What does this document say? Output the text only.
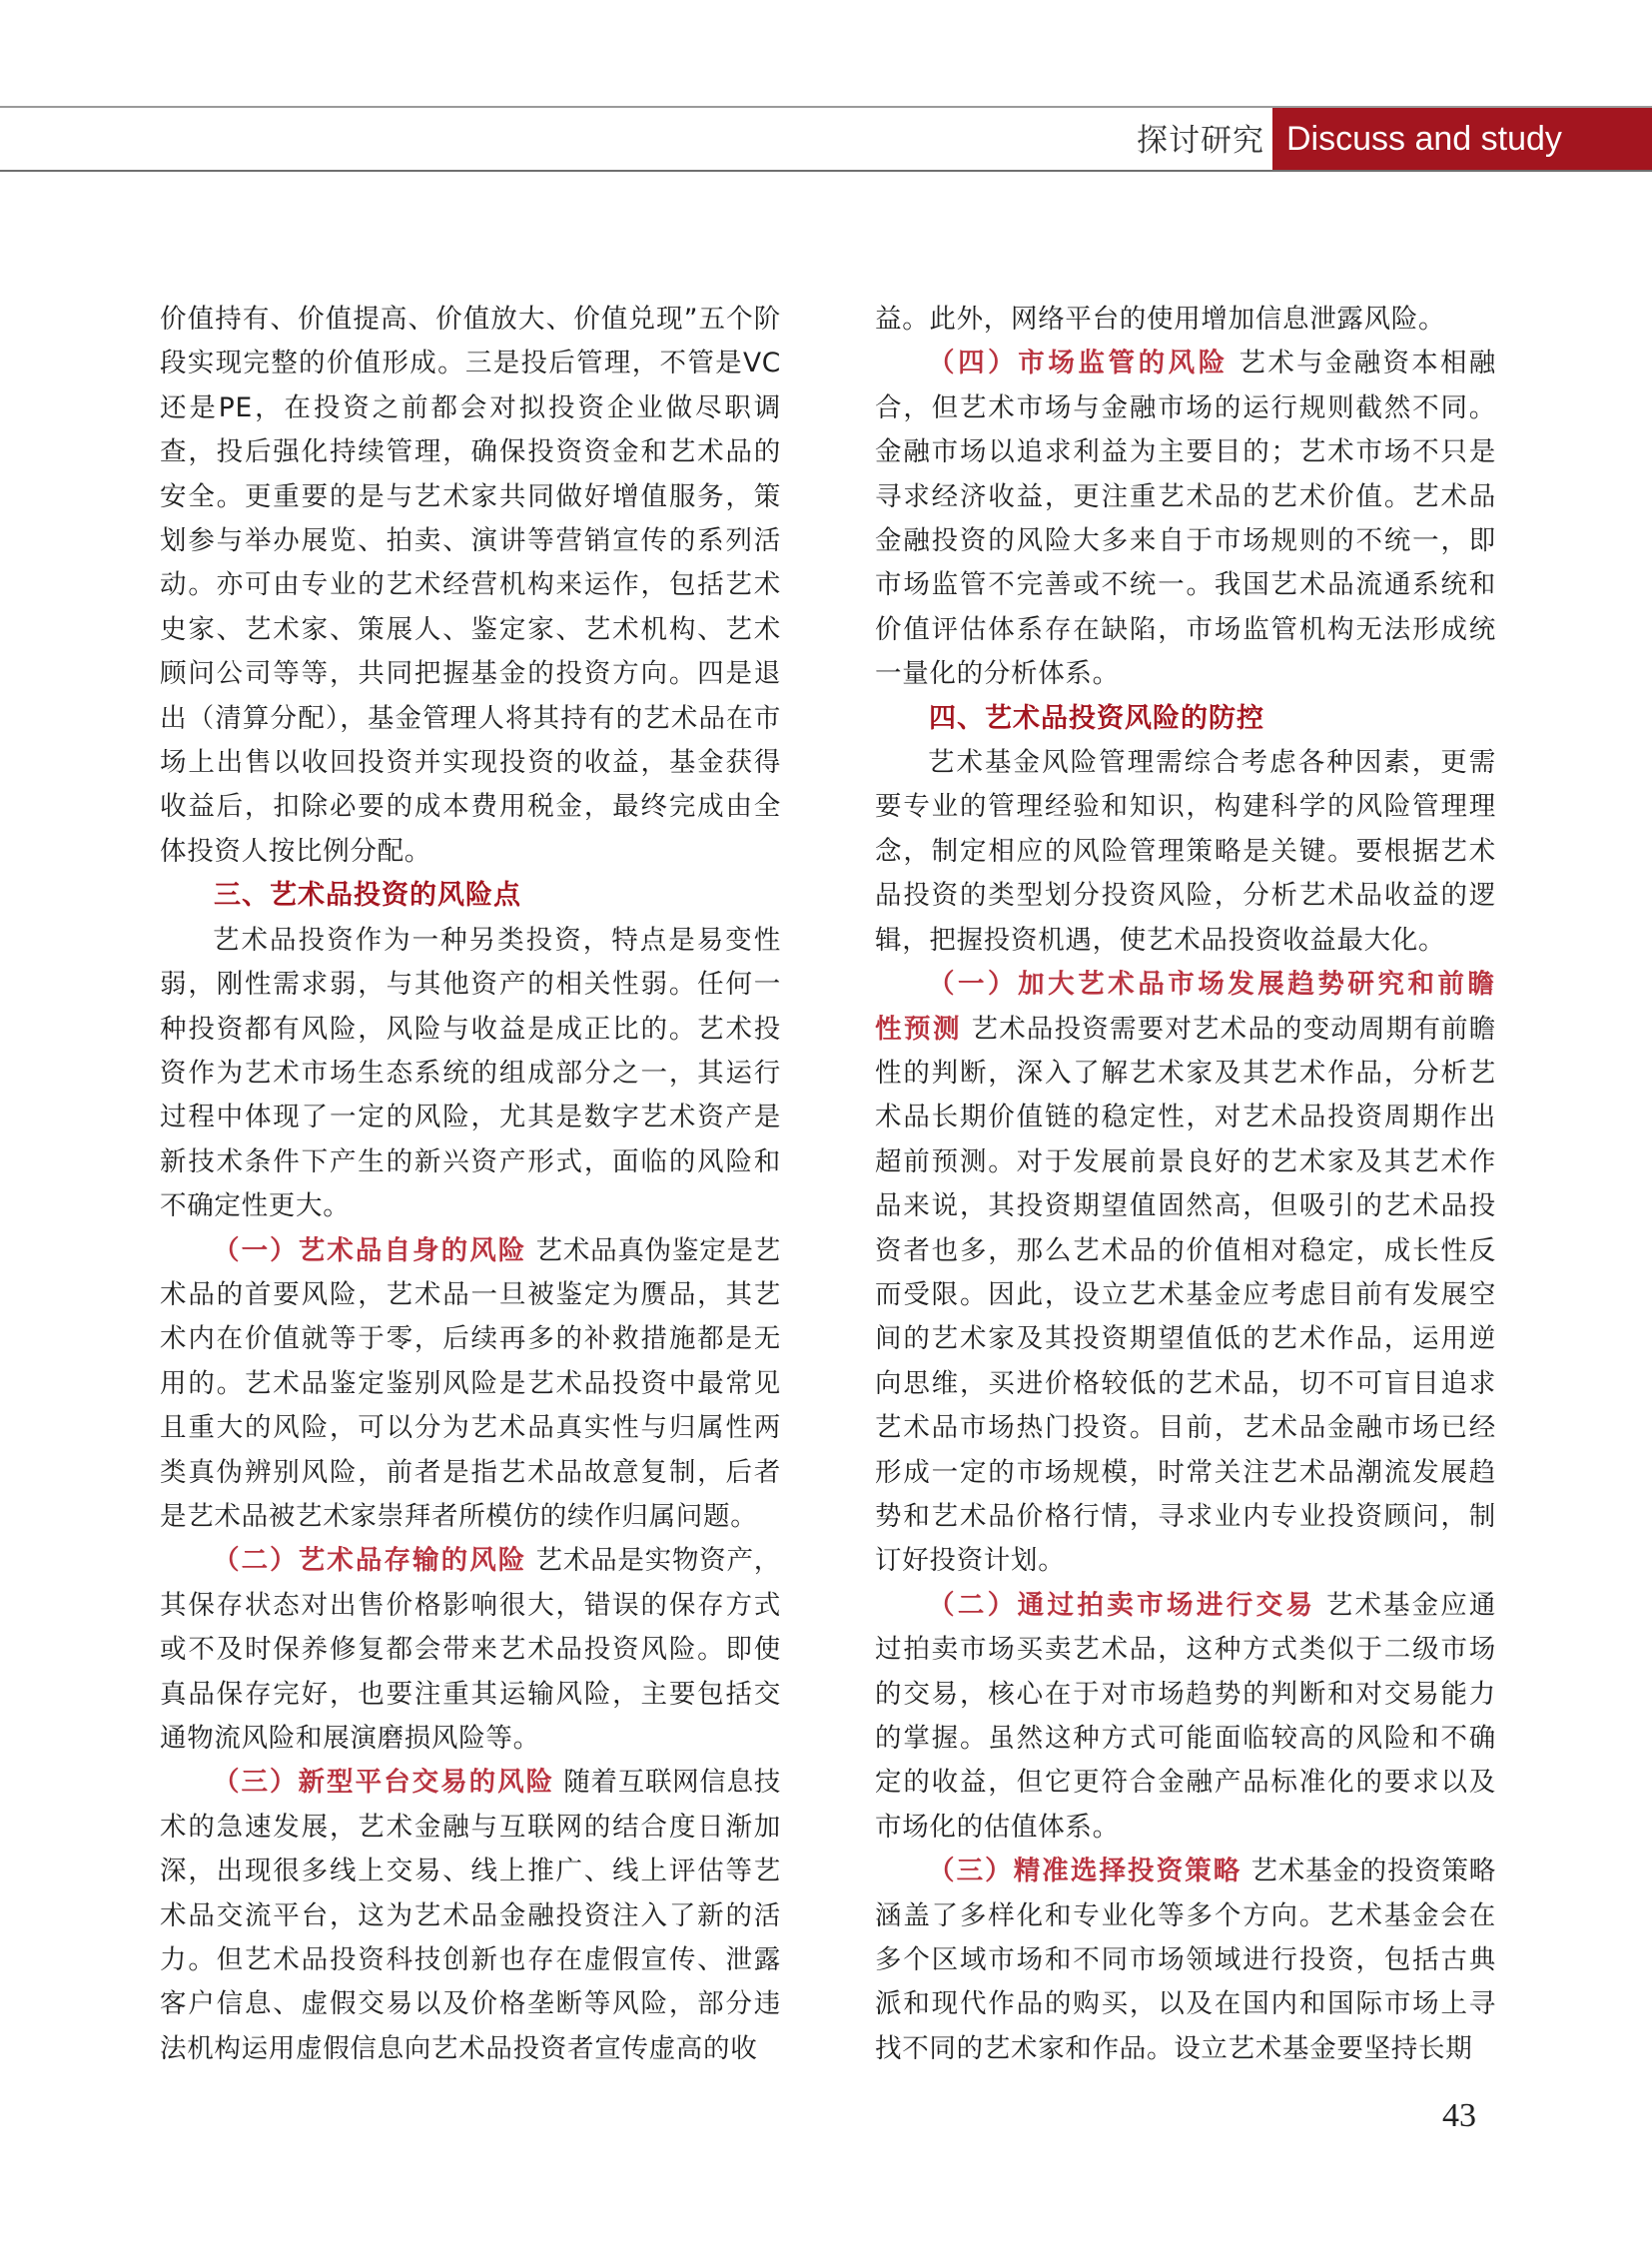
探讨研究 Discuss and study

价值持有、价值提高、价值放大、价值兑现”五个阶段实现完整的价值形成。三是投后管理，不管是VC还是PE，在投资之前都会对拟投资企业做尽职调查，投后强化持续管理，确保投资资金和艺术品的安全。更重要的是与艺术家共同做好增值服务，策划参与举办展览、拍卖、演讲等营销宣传的系列活动。亦可由专业的艺术经营机构来运作，包括艺术史家、艺术家、策展人、鉴定家、艺术机构、艺术顾问公司等等，共同把握基金的投资方向。四是退出（清算分配），基金管理人将其持有的艺术品在市场上出售以收回投资并实现投资的收益，基金获得收益后，扣除必要的成本费用税金，最终完成由全体投资人按比例分配。

三、艺术品投资的风险点

艺术品投资作为一种另类投资，特点是易变性弱，刚性需求弱，与其他资产的相关性弱。任何一种投资都有风险，风险与收益是成正比的。艺术投资作为艺术市场生态系统的组成部分之一，其运行过程中体现了一定的风险，尤其是数字艺术资产是新技术条件下产生的新兴资产形式，面临的风险和不确定性更大。

（一）艺术品自身的风险 艺术品真伪鉴定是艺术品的首要风险，艺术品一旦被鉴定为赝品，其艺术内在价值就等于零，后续再多的补救措施都是无用的。艺术品鉴定鉴别风险是艺术品投资中最常见且重大的风险，可以分为艺术品真实性与归属性两类真伪辨别风险，前者是指艺术品故意复制，后者是艺术品被艺术家崇拜者所模仿的续作归属问题。

（二）艺术品存输的风险 艺术品是实物资产，其保存状态对出售价格影响很大，错误的保存方式或不及时保养修复都会带来艺术品投资风险。即使真品保存完好，也要注重其运输风险，主要包括交通物流风险和展演磨损风险等。

（三）新型平台交易的风险 随着互联网信息技术的急速发展，艺术金融与互联网的结合度日渐加深，出现很多线上交易、线上推广、线上评估等艺术品交流平台，这为艺术品金融投资注入了新的活力。但艺术品投资科技创新也存在虚假宣传、泄露客户信息、虚假交易以及价格垄断等风险，部分违法机构运用虚假信息向艺术品投资者宣传虚高的收

益。此外，网络平台的使用增加信息泄露风险。

（四）市场监管的风险 艺术与金融资本相融合，但艺术市场与金融市场的运行规则截然不同。金融市场以追求利益为主要目的；艺术市场不只是寻求经济收益，更注重艺术品的艺术价值。艺术品金融投资的风险大多来自于市场规则的不统一，即市场监管不完善或不统一。我国艺术品流通系统和价值评估体系存在缺陷，市场监管机构无法形成统一量化的分析体系。

四、艺术品投资风险的防控

艺术基金风险管理需综合考虑各种因素，更需要专业的管理经验和知识，构建科学的风险管理理念，制定相应的风险管理策略是关键。要根据艺术品投资的类型划分投资风险，分析艺术品收益的逻辑，把握投资机遇，使艺术品投资收益最大化。

（一）加大艺术品市场发展趋势研究和前瞻性预测 艺术品投资需要对艺术品的变动周期有前瞻性的判断，深入了解艺术家及其艺术作品，分析艺术品长期价值链的稳定性，对艺术品投资周期作出超前预测。对于发展前景良好的艺术家及其艺术作品来说，其投资期望值固然高，但吸引的艺术品投资者也多，那么艺术品的价值相对稳定，成长性反而受限。因此，设立艺术基金应考虑目前有发展空间的艺术家及其投资期望值低的艺术作品，运用逆向思维，买进价格较低的艺术品，切不可盲目追求艺术品市场热门投资。目前，艺术品金融市场已经形成一定的市场规模，时常关注艺术品潮流发展趋势和艺术品价格行情，寻求业内专业投资顾问，制订好投资计划。

（二）通过拍卖市场进行交易 艺术基金应通过拍卖市场买卖艺术品，这种方式类似于二级市场的交易，核心在于对市场趋势的判断和对交易能力的掌握。虽然这种方式可能面临较高的风险和不确定的收益，但它更符合金融产品标准化的要求以及市场化的估值体系。

（三）精准选择投资策略 艺术基金的投资策略涵盖了多样化和专业化等多个方向。艺术基金会在多个区域市场和不同市场领域进行投资，包括古典派和现代作品的购买，以及在国内和国际市场上寻找不同的艺术家和作品。设立艺术基金要坚持长期

43
